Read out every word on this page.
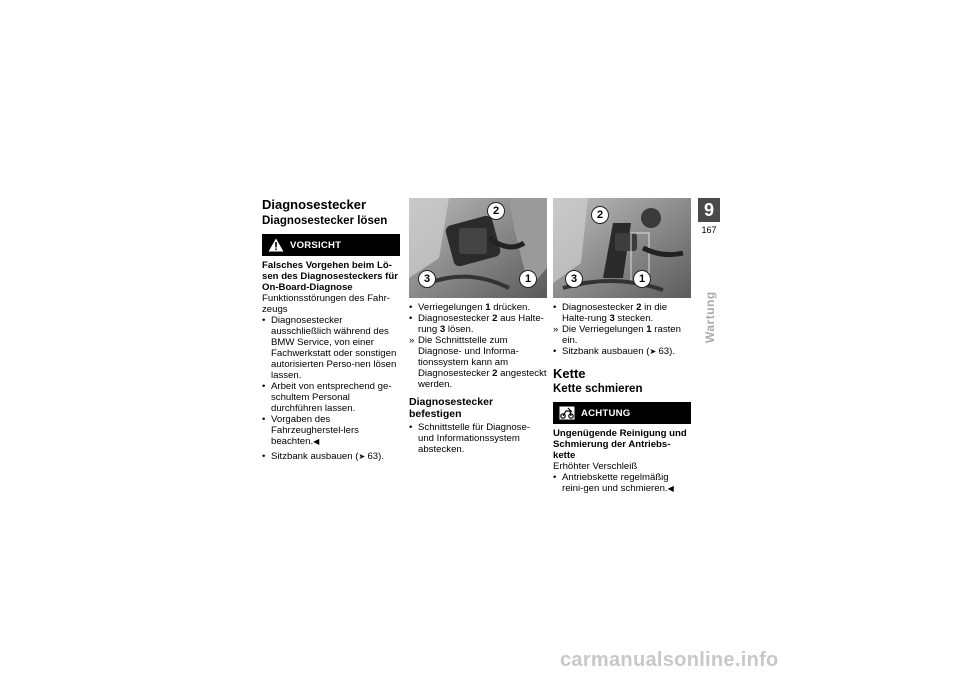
Diagnosestecker
Diagnosestecker lösen
VORSICHT

Falsches Vorgehen beim Lö-sen des Diagnosesteckers für On-Board-Diagnose

Funktionsstörungen des Fahr-zeugs

• Diagnosestecker ausschließlich während des BMW Service, von einer Fachwerkstatt oder sonstigen autorisierten Perso-nen lösen lassen.
• Arbeit von entsprechend ge-schultem Personal durchführen lassen.
• Vorgaben des Fahrzeugherstel-lers beachten.◀
• Sitzbank ausbauen (➤ 63).
2
3	1
• Verriegelungen 1 drücken.
• Diagnosestecker 2 aus Halte-rung 3 lösen.
» Die Schnittstelle zum Diagnose- und Informa-tionssystem kann am Diagnosestecker 2 angesteckt werden.
Diagnosestecker befestigen
• Schnittstelle für Diagnose- und Informationssystem abstecken.
2
3	1
• Diagnosestecker 2 in die Halte-rung 3 stecken.
» Die Verriegelungen 1 rasten ein.
• Sitzbank ausbauen (➤ 63).
Kette
Kette schmieren
ACHTUNG

Ungenügende Reinigung und Schmierung der Antriebs-kette

Erhöhter Verschleiß

• Antriebskette regelmäßig reini-gen und schmieren.◀
9
167
Wartung
carmanualsonline.info
